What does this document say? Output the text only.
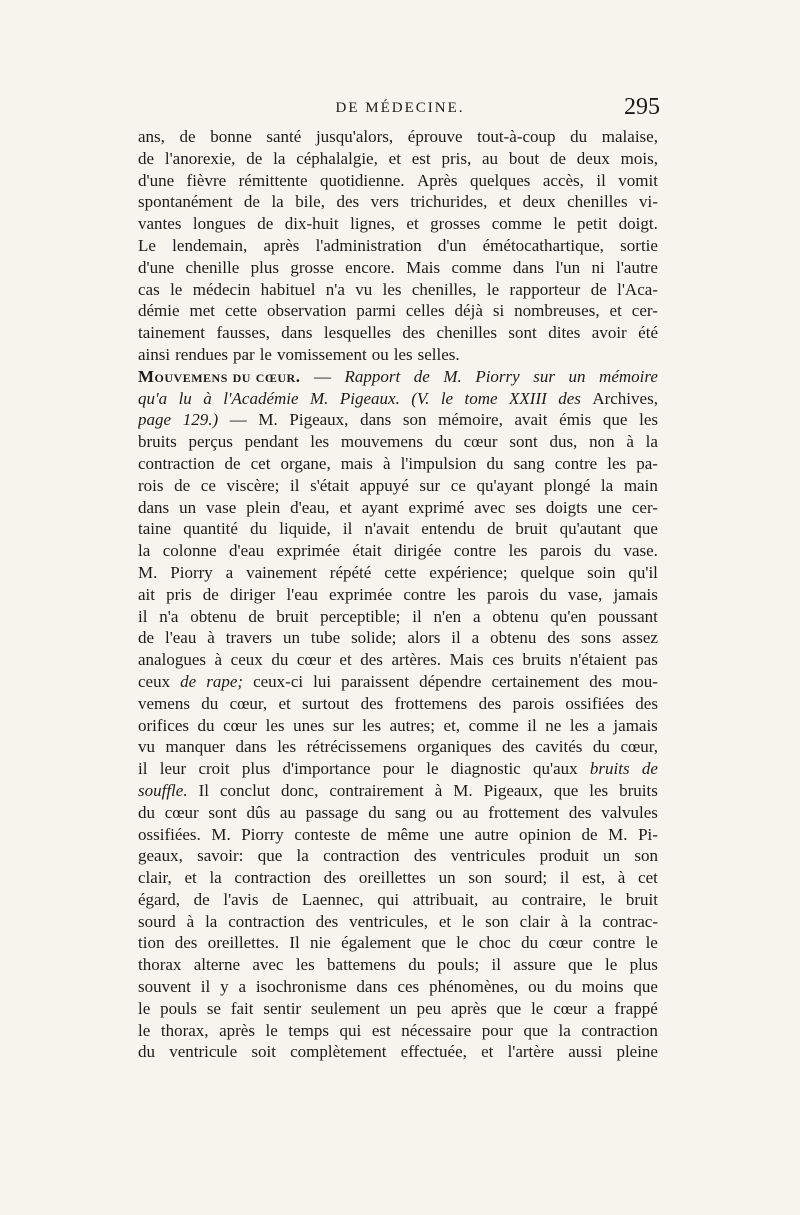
DE MÉDECINE.	295
ans, de bonne santé jusqu'alors, éprouve tout-à-coup du malaise,
de l'anorexie, de la céphalalgie, et est pris, au bout de deux mois,
d'une fièvre rémittente quotidienne. Après quelques accès, il vomit
spontanément de la bile, des vers trichurides, et deux chenilles vi-
vantes longues de dix-huit lignes, et grosses comme le petit doigt.
Le lendemain, après l'administration d'un émétocathartique, sortie
d'une chenille plus grosse encore. Mais comme dans l'un ni l'autre
cas le médecin habituel n'a vu les chenilles, le rapporteur de l'Aca-
démie met cette observation parmi celles déjà si nombreuses, et cer-
tainement fausses, dans lesquelles des chenilles sont dites avoir été
ainsi rendues par le vomissement ou les selles.
Mouvemens du cœur. — Rapport de M. Piorry sur un mémoire
qu'a lu à l'Académie M. Pigeaux. (V. le tome XXIII des Archives,
page 129.) — M. Pigeaux, dans son mémoire, avait émis que les
bruits perçus pendant les mouvemens du cœur sont dus, non à la
contraction de cet organe, mais à l'impulsion du sang contre les pa-
rois de ce viscère; il s'était appuyé sur ce qu'ayant plongé la main
dans un vase plein d'eau, et ayant exprimé avec ses doigts une cer-
taine quantité du liquide, il n'avait entendu de bruit qu'autant que
la colonne d'eau exprimée était dirigée contre les parois du vase.
M. Piorry a vainement répété cette expérience; quelque soin qu'il
ait pris de diriger l'eau exprimée contre les parois du vase, jamais
il n'a obtenu de bruit perceptible; il n'en a obtenu qu'en poussant
de l'eau à travers un tube solide; alors il a obtenu des sons assez
analogues à ceux du cœur et des artères. Mais ces bruits n'étaient pas
ceux de rape; ceux-ci lui paraissent dépendre certainement des mou-
vemens du cœur, et surtout des frottemens des parois ossifiées des
orifices du cœur les unes sur les autres; et, comme il ne les a jamais
vu manquer dans les rétrécissemens organiques des cavités du cœur,
il leur croit plus d'importance pour le diagnostic qu'aux bruits de
souffle. Il conclut donc, contrairement à M. Pigeaux, que les bruits
du cœur sont dûs au passage du sang ou au frottement des valvules
ossifiées. M. Piorry conteste de même une autre opinion de M. Pi-
geaux, savoir: que la contraction des ventricules produit un son
clair, et la contraction des oreillettes un son sourd; il est, à cet
égard, de l'avis de Laennec, qui attribuait, au contraire, le bruit
sourd à la contraction des ventricules, et le son clair à la contrac-
tion des oreillettes. Il nie également que le choc du cœur contre le
thorax alterne avec les battemens du pouls; il assure que le plus
souvent il y a isochronisme dans ces phénomènes, ou du moins que
le pouls se fait sentir seulement un peu après que le cœur a frappé
le thorax, après le temps qui est nécessaire pour que la contraction
du ventricule soit complètement effectuée, et l'artère aussi pleine
